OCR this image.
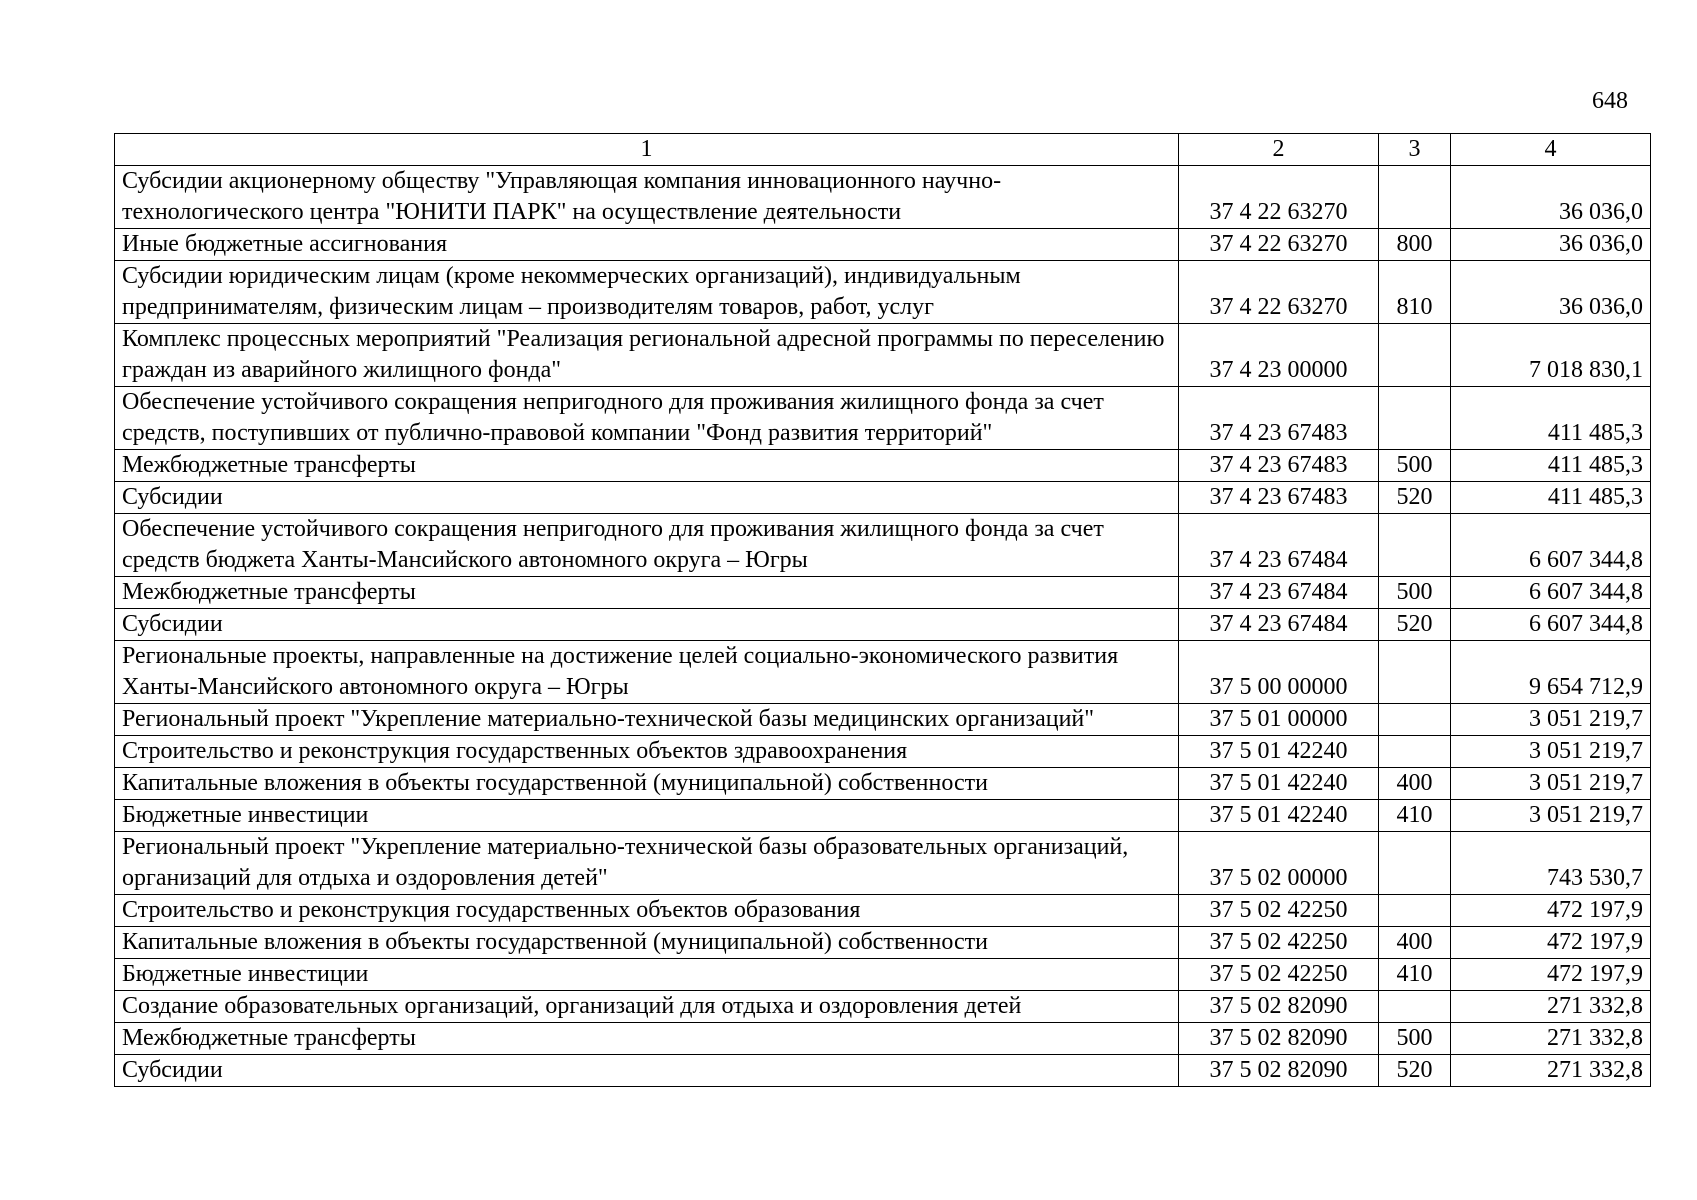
648
1	2	3	4
Субсидии акционерному обществу "Управляющая компания инновационного научно-технологического центра "ЮНИТИ ПАРК" на осуществление деятельности	37 4 22 63270		36 036,0
Иные бюджетные ассигнования	37 4 22 63270	800	36 036,0
Субсидии юридическим лицам (кроме некоммерческих организаций), индивидуальным предпринимателям, физическим лицам – производителям товаров, работ, услуг	37 4 22 63270	810	36 036,0
Комплекс процессных мероприятий "Реализация региональной адресной программы по переселению граждан из аварийного жилищного фонда"	37 4 23 00000		7 018 830,1
Обеспечение устойчивого сокращения непригодного для проживания жилищного фонда за счет средств, поступивших от публично-правовой компании "Фонд развития территорий"	37 4 23 67483		411 485,3
Межбюджетные трансферты	37 4 23 67483	500	411 485,3
Субсидии	37 4 23 67483	520	411 485,3
Обеспечение устойчивого сокращения непригодного для проживания жилищного фонда за счет средств бюджета Ханты-Мансийского автономного округа – Югры	37 4 23 67484		6 607 344,8
Межбюджетные трансферты	37 4 23 67484	500	6 607 344,8
Субсидии	37 4 23 67484	520	6 607 344,8
Региональные проекты, направленные на достижение целей социально-экономического развития Ханты-Мансийского автономного округа – Югры	37 5 00 00000		9 654 712,9
Региональный проект "Укрепление материально-технической базы медицинских организаций"	37 5 01 00000		3 051 219,7
Строительство и реконструкция государственных объектов здравоохранения	37 5 01 42240		3 051 219,7
Капитальные вложения в объекты государственной (муниципальной) собственности	37 5 01 42240	400	3 051 219,7
Бюджетные инвестиции	37 5 01 42240	410	3 051 219,7
Региональный проект "Укрепление материально-технической базы образовательных организаций, организаций для отдыха и оздоровления детей"	37 5 02 00000		743 530,7
Строительство и реконструкция государственных объектов образования	37 5 02 42250		472 197,9
Капитальные вложения в объекты государственной (муниципальной) собственности	37 5 02 42250	400	472 197,9
Бюджетные инвестиции	37 5 02 42250	410	472 197,9
Создание образовательных организаций, организаций для отдыха и оздоровления детей	37 5 02 82090		271 332,8
Межбюджетные трансферты	37 5 02 82090	500	271 332,8
Субсидии	37 5 02 82090	520	271 332,8
